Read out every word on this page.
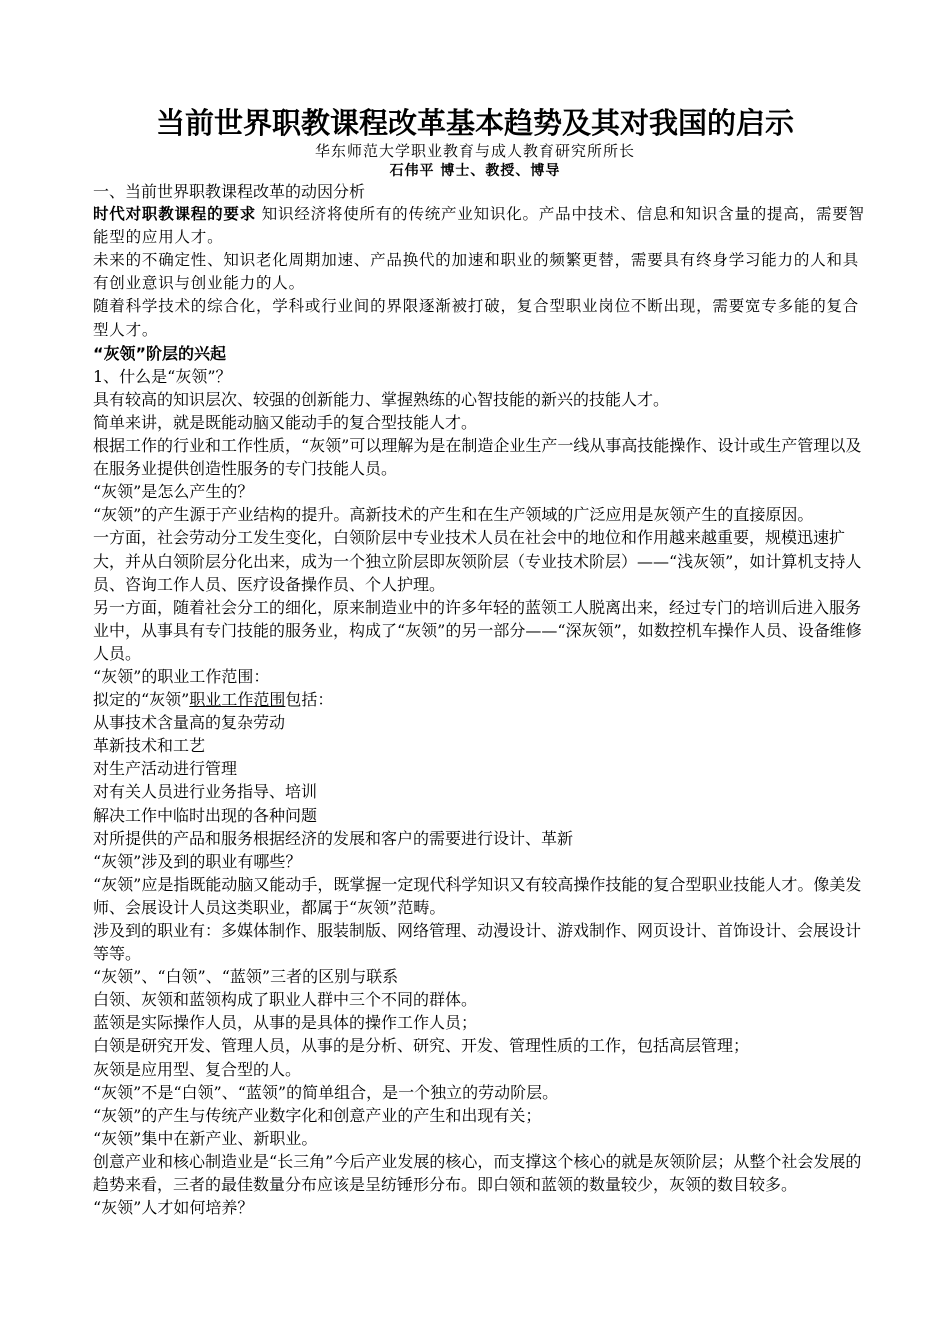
当前世界职教课程改革基本趋势及其对我国的启示
华东师范大学职业教育与成人教育研究所所长
石伟平 博士、教授、博导

一、当前世界职教课程改革的动因分析

时代对职教课程的要求 知识经济将使所有的传统产业知识化。产品中技术、信息和知识含量的提高，需要智能型的应用人才。

未来的不确定性、知识老化周期加速、产品换代的加速和职业的频繁更替，需要具有终身学习能力的人和具有创业意识与创业能力的人。

随着科学技术的综合化，学科或行业间的界限逐渐被打破，复合型职业岗位不断出现，需要宽专多能的复合型人才。

“灰领”阶层的兴起

1、什么是“灰领”？

具有较高的知识层次、较强的创新能力、掌握熟练的心智技能的新兴的技能人才。

简单来讲，就是既能动脑又能动手的复合型技能人才。

根据工作的行业和工作性质，“灰领”可以理解为是在制造企业生产一线从事高技能操作、设计或生产管理以及在服务业提供创造性服务的专门技能人员。

“灰领”是怎么产生的？

“灰领”的产生源于产业结构的提升。高新技术的产生和在生产领域的广泛应用是灰领产生的直接原因。

一方面，社会劳动分工发生变化，白领阶层中专业技术人员在社会中的地位和作用越来越重要，规模迅速扩大，并从白领阶层分化出来，成为一个独立阶层即灰领阶层（专业技术阶层）——“浅灰领”，如计算机支持人员、咨询工作人员、医疗设备操作员、个人护理。

另一方面，随着社会分工的细化，原来制造业中的许多年轻的蓝领工人脱离出来，经过专门的培训后进入服务业中，从事具有专门技能的服务业，构成了“灰领”的另一部分——“深灰领”，如数控机车操作人员、设备维修人员。

“灰领”的职业工作范围：

拟定的“灰领”职业工作范围包括：

从事技术含量高的复杂劳动

革新技术和工艺

对生产活动进行管理

对有关人员进行业务指导、培训

解决工作中临时出现的各种问题

对所提供的产品和服务根据经济的发展和客户的需要进行设计、革新

“灰领”涉及到的职业有哪些？

“灰领”应是指既能动脑又能动手，既掌握一定现代科学知识又有较高操作技能的复合型职业技能人才。像美发师、会展设计人员这类职业，都属于“灰领”范畴。

涉及到的职业有：多媒体制作、服装制版、网络管理、动漫设计、游戏制作、网页设计、首饰设计、会展设计等等。

“灰领”、“白领”、“蓝领”三者的区别与联系

白领、灰领和蓝领构成了职业人群中三个不同的群体。

蓝领是实际操作人员，从事的是具体的操作工作人员；

白领是研究开发、管理人员，从事的是分析、研究、开发、管理性质的工作，包括高层管理；

灰领是应用型、复合型的人。

“灰领”不是“白领”、“蓝领”的简单组合，是一个独立的劳动阶层。

“灰领”的产生与传统产业数字化和创意产业的产生和出现有关；

“灰领”集中在新产业、新职业。

创意产业和核心制造业是“长三角”今后产业发展的核心，而支撑这个核心的就是灰领阶层；从整个社会发展的趋势来看，三者的最佳数量分布应该是呈纺锤形分布。即白领和蓝领的数量较少，灰领的数目较多。

“灰领”人才如何培养？
